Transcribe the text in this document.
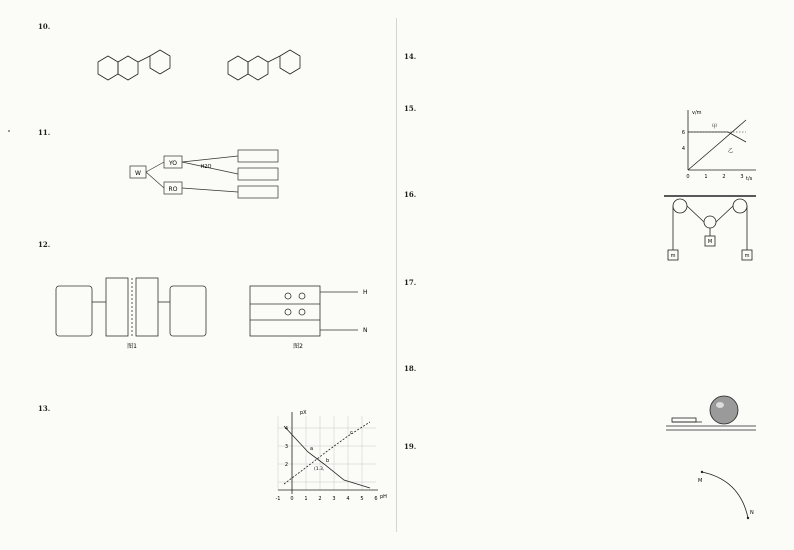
10.
11.
W
YO	H2O
RO
12.
图1
H
N
图2
13.	pX
pH
-1 0 1 2 3 4 5 6
2
3
4
a
b
c
(1.3,
14.
15.	v/m
t/s
0	1	2	3
6
4
甲
乙
16.
M
m	m
17.
18.
19.
M
N
